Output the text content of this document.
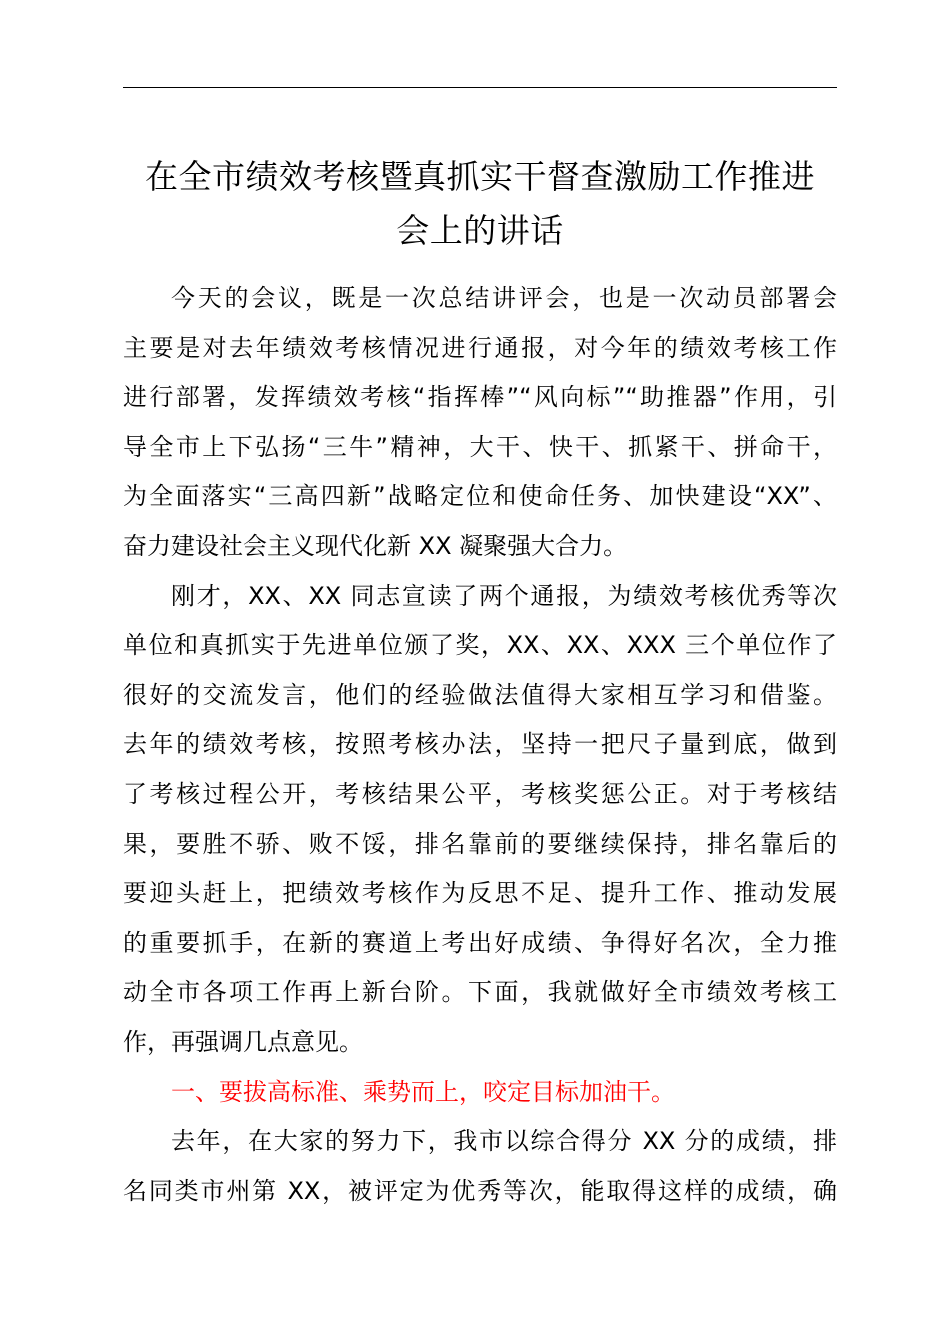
在全市绩效考核暨真抓实干督查激励工作推进
会上的讲话
今天的会议，既是一次总结讲评会，也是一次动员部署会
主要是对去年绩效考核情况进行通报，对今年的绩效考核工作
进行部署，发挥绩效考核“指挥棒”“风向标”“助推器”作用，引
导全市上下弘扬“三牛”精神，大干、快干、抓紧干、拼命干，
为全面落实“三高四新”战略定位和使命任务、加快建设“XX”、
奋力建设社会主义现代化新 XX 凝聚强大合力。
刚才，XX、XX 同志宣读了两个通报，为绩效考核优秀等次
单位和真抓实于先进单位颁了奖，XX、XX、XXX 三个单位作了
很好的交流发言，他们的经验做法值得大家相互学习和借鉴。
去年的绩效考核，按照考核办法，坚持一把尺子量到底，做到
了考核过程公开，考核结果公平，考核奖惩公正。对于考核结
果，要胜不骄、败不馁，排名靠前的要继续保持，排名靠后的
要迎头赶上，把绩效考核作为反思不足、提升工作、推动发展
的重要抓手，在新的赛道上考出好成绩、争得好名次，全力推
动全市各项工作再上新台阶。下面，我就做好全市绩效考核工
作，再强调几点意见。
一、要拔高标准、乘势而上，咬定目标加油干。
去年，在大家的努力下，我市以综合得分 XX 分的成绩，排
名同类市州第 XX，被评定为优秀等次，能取得这样的成绩，确
